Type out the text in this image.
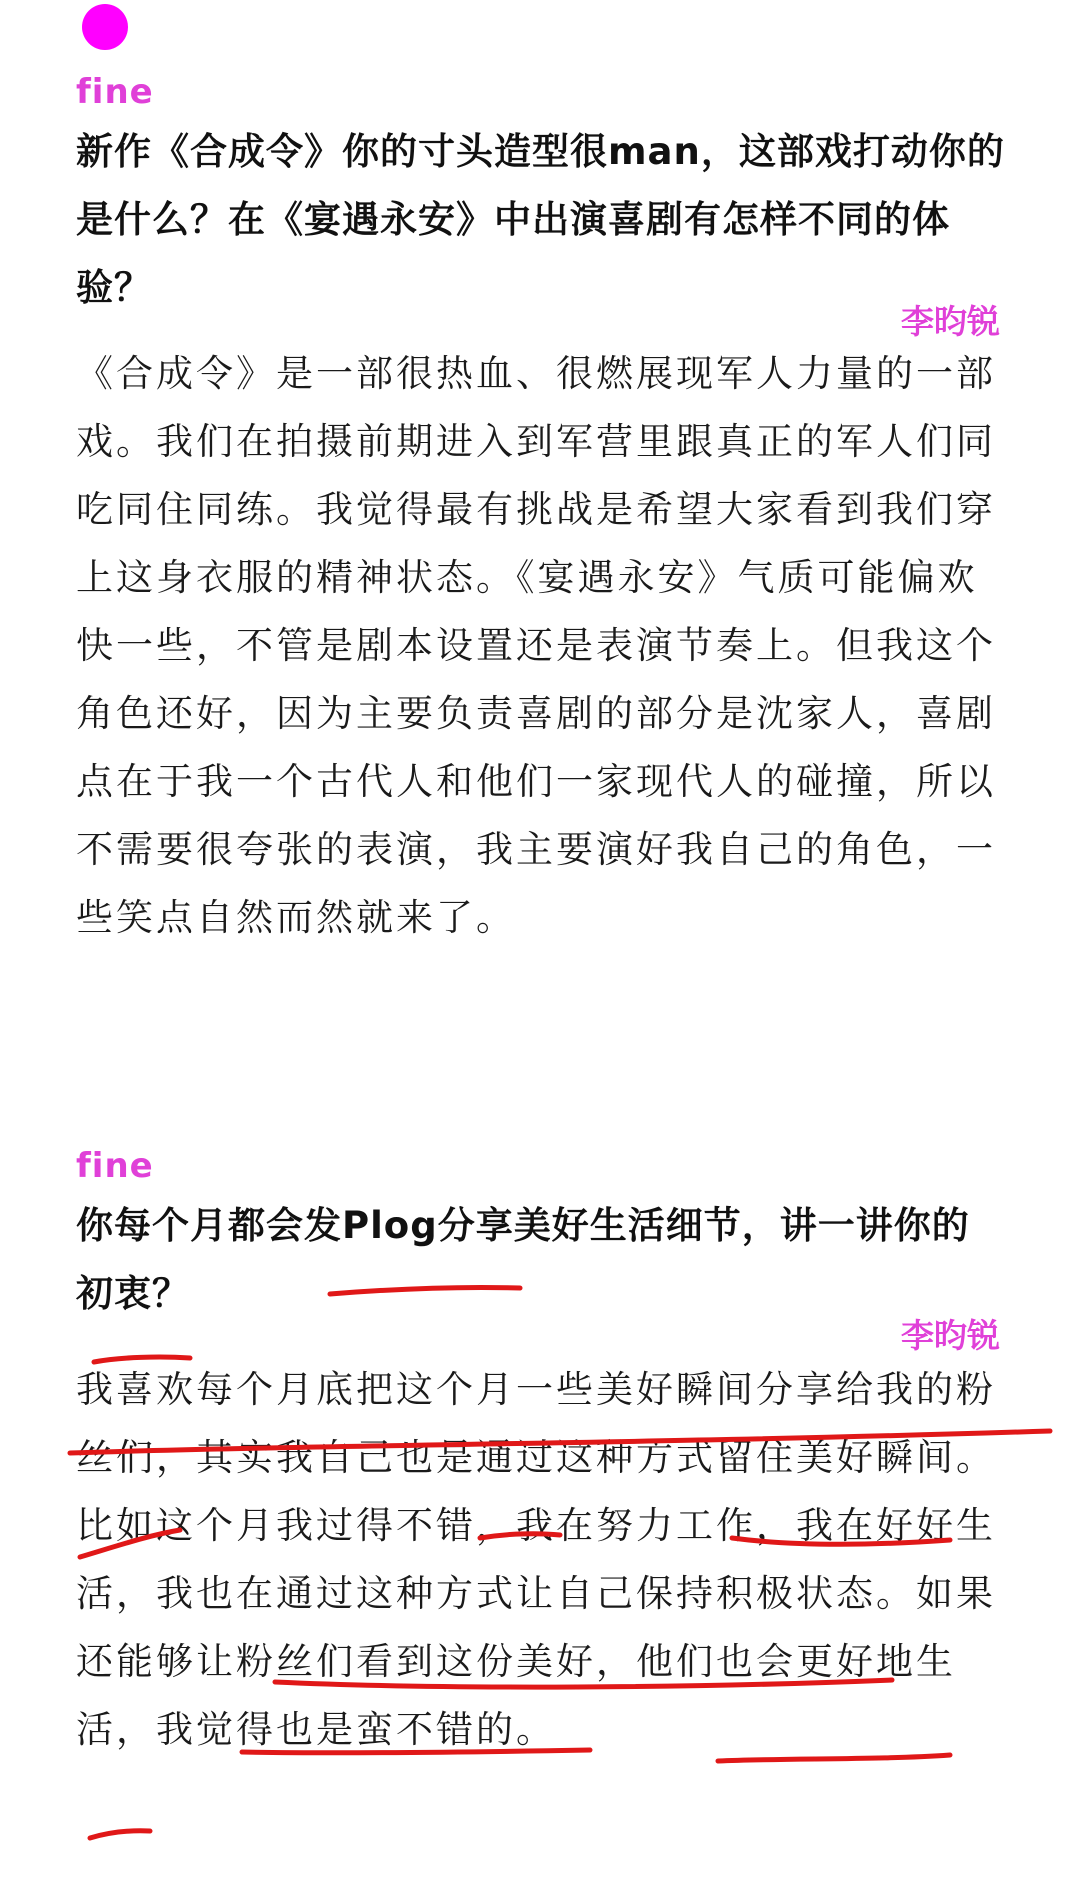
fine
新作《合成令》你的寸头造型很man，这部戏打动你的是什么？在《宴遇永安》中出演喜剧有怎样不同的体验？
李昀锐
《合成令》是一部很热血、很燃展现军人力量的一部戏。我们在拍摄前期进入到军营里跟真正的军人们同吃同住同练。我觉得最有挑战是希望大家看到我们穿上这身衣服的精神状态。《宴遇永安》气质可能偏欢快一些，不管是剧本设置还是表演节奏上。但我这个角色还好，因为主要负责喜剧的部分是沈家人，喜剧点在于我一个古代人和他们一家现代人的碰撞，所以不需要很夸张的表演，我主要演好我自己的角色，一些笑点自然而然就来了。
fine
你每个月都会发Plog分享美好生活细节，讲一讲你的初衷？
李昀锐
我喜欢每个月底把这个月一些美好瞬间分享给我的粉丝们，其实我自己也是通过这种方式留住美好瞬间。比如这个月我过得不错，我在努力工作，我在好好生活，我也在通过这种方式让自己保持积极状态。如果还能够让粉丝们看到这份美好，他们也会更好地生活，我觉得也是蛮不错的。
